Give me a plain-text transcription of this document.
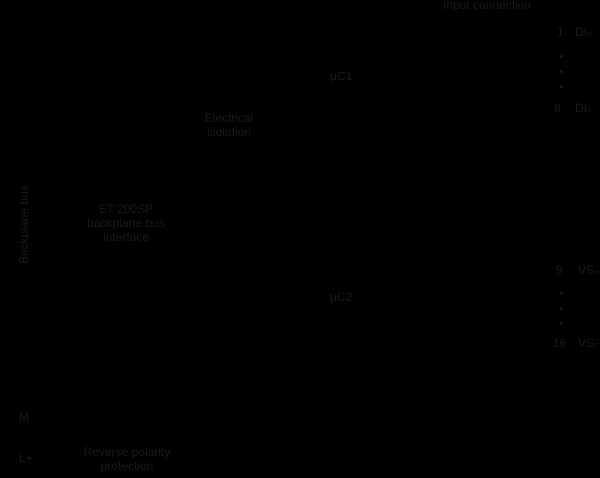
Input connection
Backplane bus	ET 200SP
backplane bus
interface
Electrical
isolation
µC1
µC2
1 DI₀
8 DI₇
9 VS₀
16 VS₇
M
L+	Reverse polarity
protection
